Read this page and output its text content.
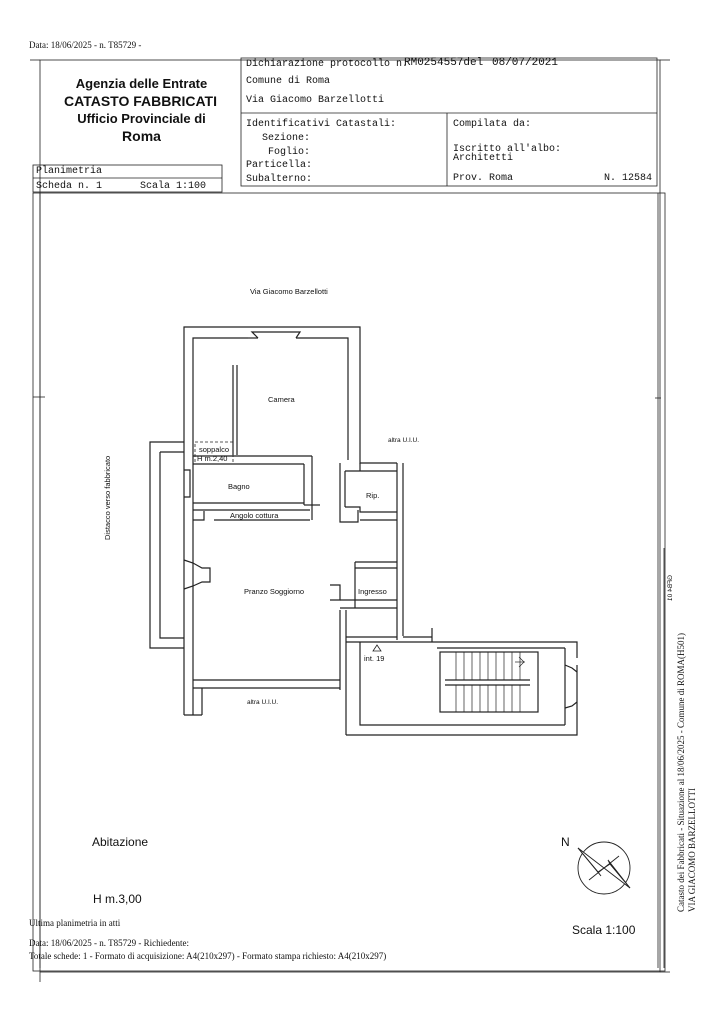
Data: 18/06/2025 - n. T85729 -
Agenzia delle Entrate
CATASTO FABBRICATI
Ufficio Provinciale di
Roma
Dichiarazione protocollo n.
RM0254557del 08/07/2021
Comune di Roma
Via Giacomo Barzellotti
Identificativi Catastali:
Sezione:
Foglio:
Particella:
Subalterno:
Compilata da:
Iscritto all'albo:
Architetti
Prov. Roma	N. 12584
Planimetria
Scheda n. 1	Scala 1:100
Via Giacomo Barzellotti
Distacco verso fabbricato
Camera
altra U.I.U.
soppalco
H m.2,40
Bagno
Rip.
Angolo cottura
Pranzo Soggiorno	Ingresso
int. 19
altra U.I.U.
GFB4 01
Abitazione
H m.3,00
N
Scala 1:100
Ultima planimetria in atti
Data: 18/06/2025 - n. T85729 - Richiedente:
Totale schede: 1 - Formato di acquisizione: A4(210x297) - Formato stampa richiesto: A4(210x297)
Catasto dei Fabbricati - Situazione al 18/06/2025 - Comune di ROMA(H501) VIA GIACOMO BARZELLOTTI
